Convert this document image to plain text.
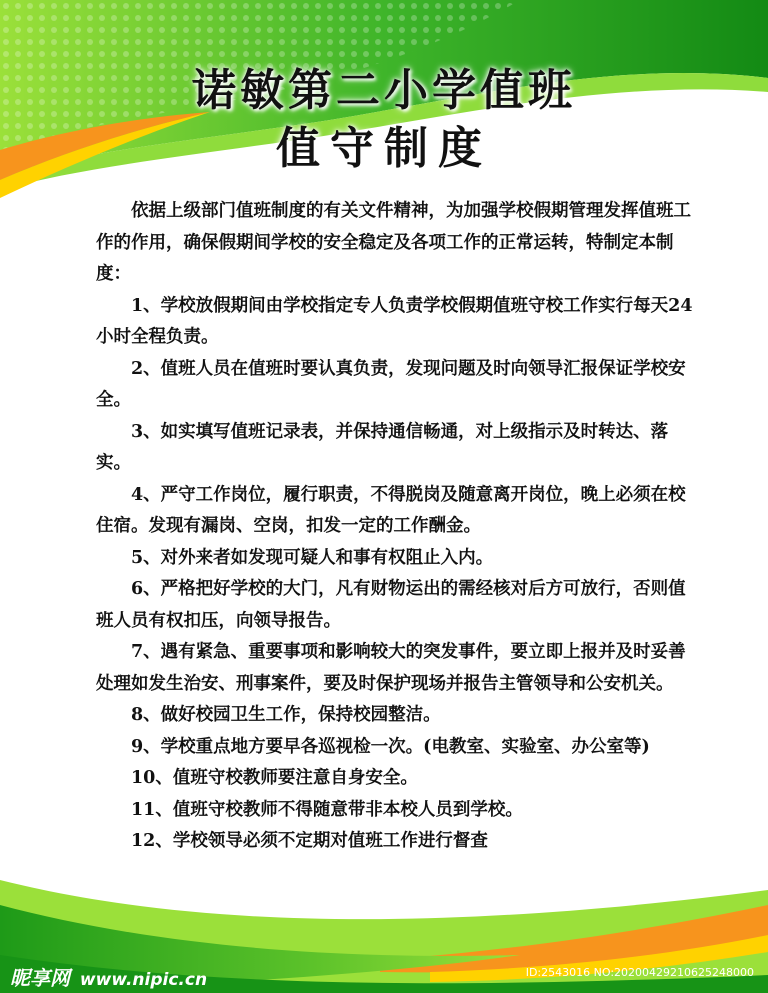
诺敏第二小学值班
值守制度

依据上级部门值班制度的有关文件精神，为加强学校假期管理发挥值班工作的作用，确保假期间学校的安全稳定及各项工作的正常运转，特制定本制度：

1、学校放假期间由学校指定专人负责学校假期值班守校工作实行每天24小时全程负责。

2、值班人员在值班时要认真负责，发现问题及时向领导汇报保证学校安全。

3、如实填写值班记录表，并保持通信畅通，对上级指示及时转达、落实。

4、严守工作岗位，履行职责，不得脱岗及随意离开岗位，晚上必须在校住宿。发现有漏岗、空岗，扣发一定的工作酬金。

5、对外来者如发现可疑人和事有权阻止入内。

6、严格把好学校的大门，凡有财物运出的需经核对后方可放行，否则值班人员有权扣压，向领导报告。

7、遇有紧急、重要事项和影响较大的突发事件，要立即上报并及时妥善处理如发生治安、刑事案件，要及时保护现场并报告主管领导和公安机关。

8、做好校园卫生工作，保持校园整洁。

9、学校重点地方要早各巡视检一次。(电教室、实验室、办公室等)

10、值班守校教师要注意自身安全。

11、值班守校教师不得随意带非本校人员到学校。

12、学校领导必须不定期对值班工作进行督查

昵享网 www.nipic.cn	ID:2543016 NO:20200429210625248000
